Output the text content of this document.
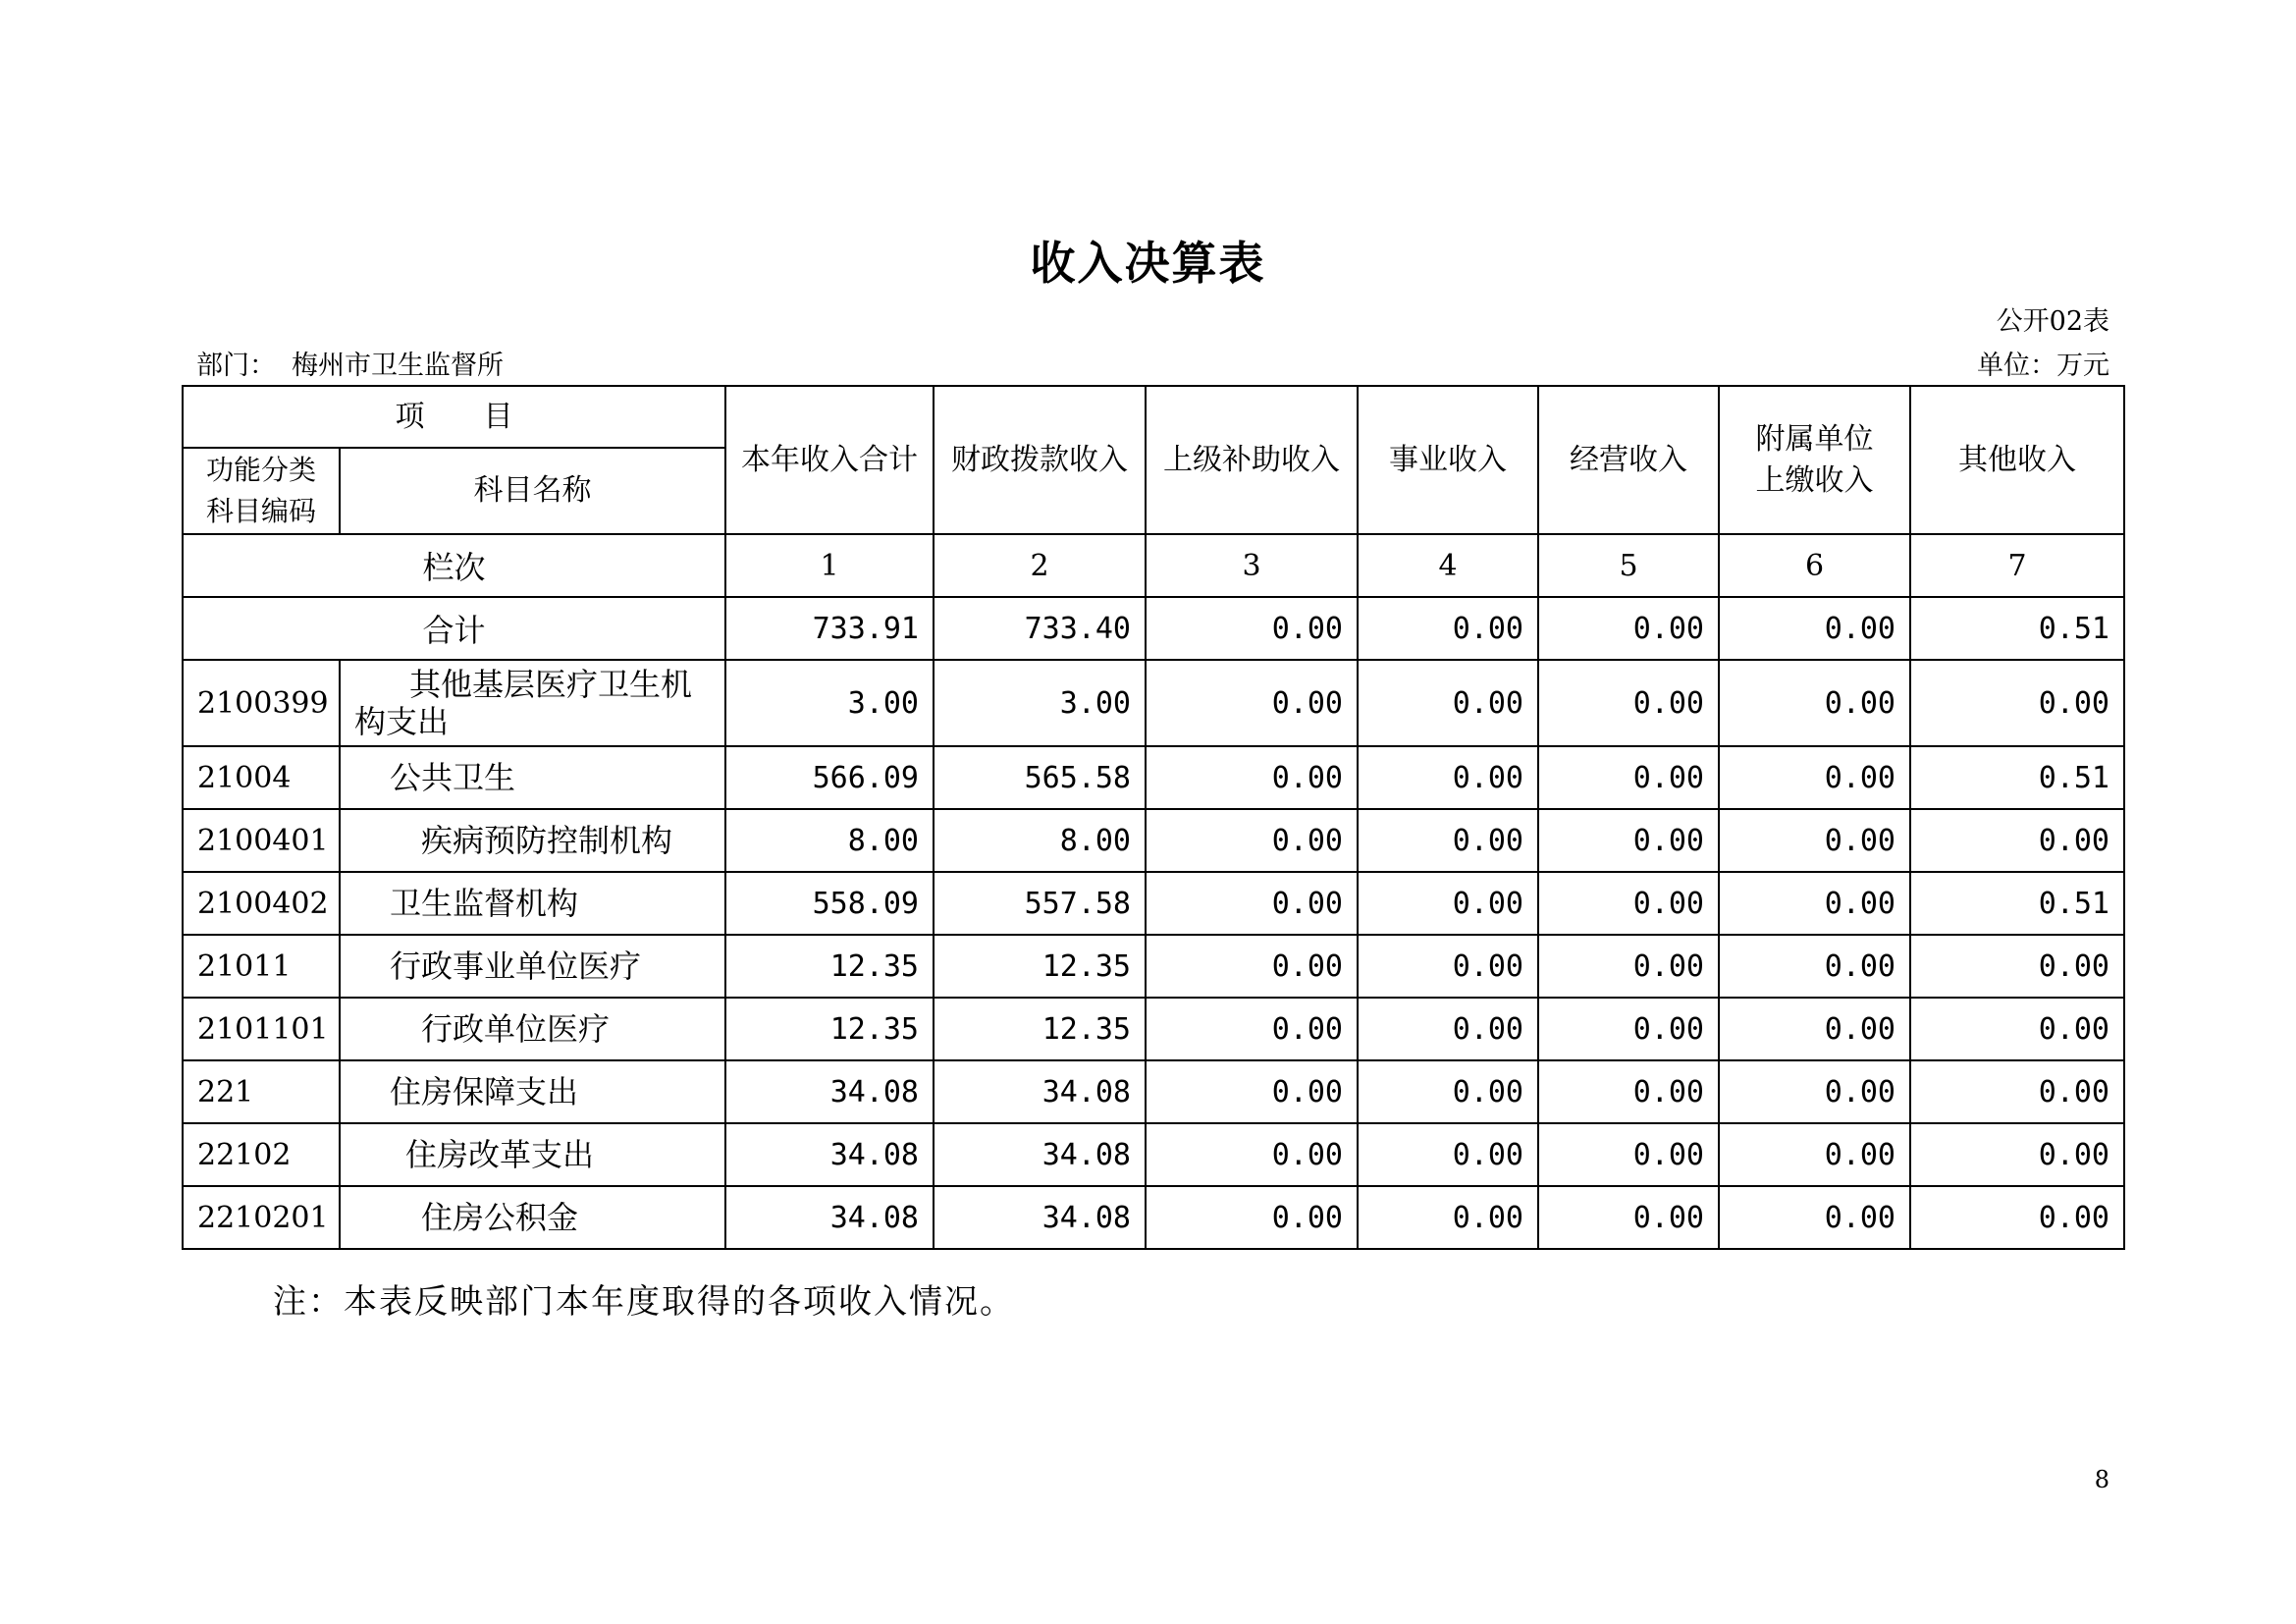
收入决算表
公开02表
部门： 梅州市卫生监督所	单位：万元
项　　目		本年收入合计	财政拨款收入	上级补助收入	事业收入	经营收入	附属单位上缴收入	其他收入
功能分类科目编码	科目名称							
栏次		1	2	3	4	5	6	7
合计		733.91	733.40	0.00	0.00	0.00	0.00	0.51
2100399	其他基层医疗卫生机构支出	3.00	3.00	0.00	0.00	0.00	0.00	0.00
21004	公共卫生	566.09	565.58	0.00	0.00	0.00	0.00	0.51
2100401	疾病预防控制机构	8.00	8.00	0.00	0.00	0.00	0.00	0.00
2100402	卫生监督机构	558.09	557.58	0.00	0.00	0.00	0.00	0.51
21011	行政事业单位医疗	12.35	12.35	0.00	0.00	0.00	0.00	0.00
2101101	行政单位医疗	12.35	12.35	0.00	0.00	0.00	0.00	0.00
221	住房保障支出	34.08	34.08	0.00	0.00	0.00	0.00	0.00
22102	住房改革支出	34.08	34.08	0.00	0.00	0.00	0.00	0.00
2210201	住房公积金	34.08	34.08	0.00	0.00	0.00	0.00	0.00
注：本表反映部门本年度取得的各项收入情况。
8
